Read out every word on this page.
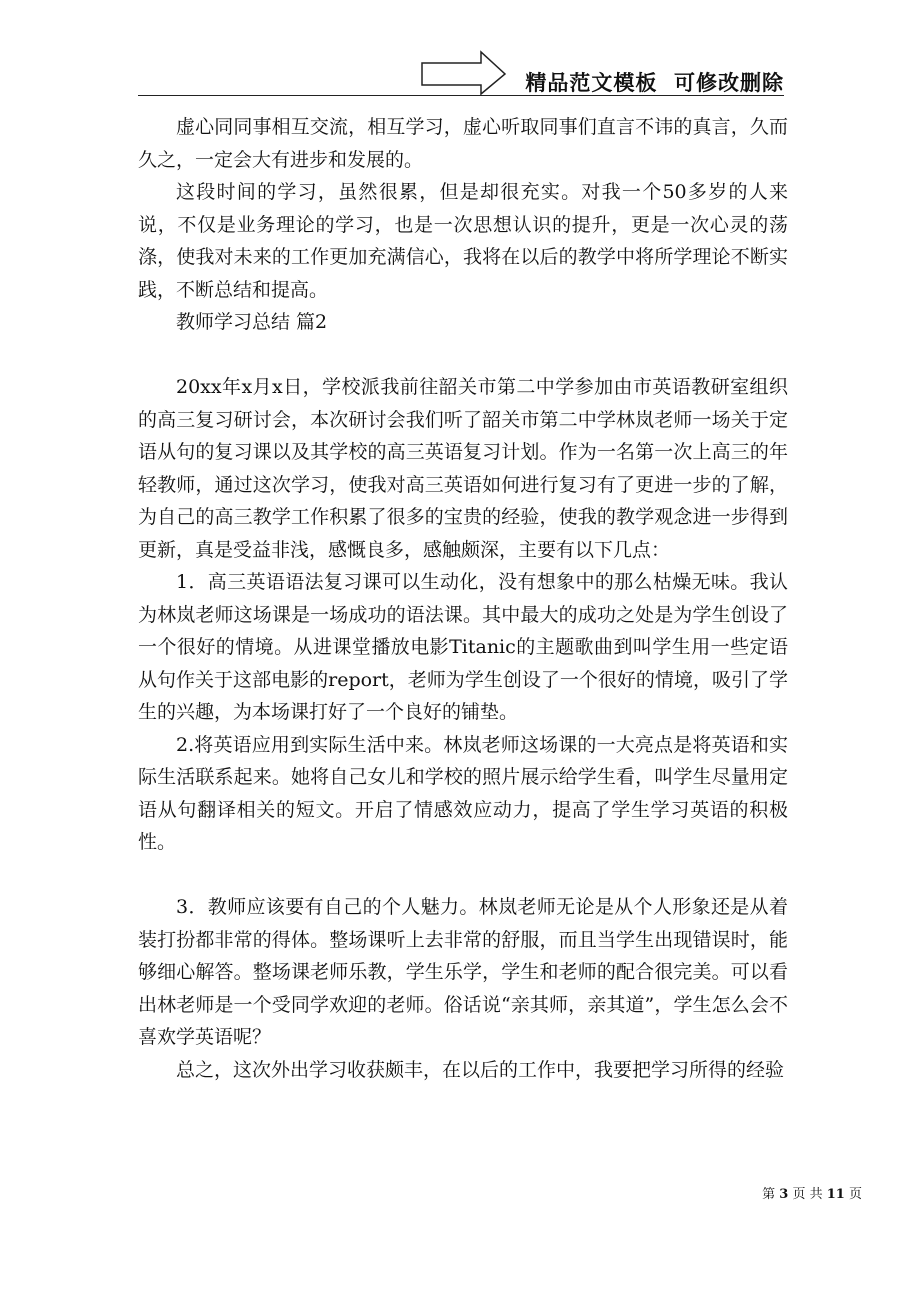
精品范文模板  可修改删除

虚心同同事相互交流，相互学习，虚心听取同事们直言不讳的真言，久而久之，一定会大有进步和发展的。

这段时间的学习，虽然很累，但是却很充实。对我一个50多岁的人来说，不仅是业务理论的学习，也是一次思想认识的提升，更是一次心灵的荡涤，使我对未来的工作更加充满信心，我将在以后的教学中将所学理论不断实践，不断总结和提高。

教师学习总结 篇2

20xx年x月x日，学校派我前往韶关市第二中学参加由市英语教研室组织的高三复习研讨会，本次研讨会我们听了韶关市第二中学林岚老师一场关于定语从句的复习课以及其学校的高三英语复习计划。作为一名第一次上高三的年轻教师，通过这次学习，使我对高三英语如何进行复习有了更进一步的了解，为自己的高三教学工作积累了很多的宝贵的经验，使我的教学观念进一步得到更新，真是受益非浅，感慨良多，感触颇深，主要有以下几点：

1．高三英语语法复习课可以生动化，没有想象中的那么枯燥无味。我认为林岚老师这场课是一场成功的语法课。其中最大的成功之处是为学生创设了一个很好的情境。从进课堂播放电影Titanic的主题歌曲到叫学生用一些定语从句作关于这部电影的report，老师为学生创设了一个很好的情境，吸引了学生的兴趣，为本场课打好了一个良好的铺垫。

2.将英语应用到实际生活中来。林岚老师这场课的一大亮点是将英语和实际生活联系起来。她将自己女儿和学校的照片展示给学生看，叫学生尽量用定语从句翻译相关的短文。开启了情感效应动力，提高了学生学习英语的积极性。

3．教师应该要有自己的个人魅力。林岚老师无论是从个人形象还是从着装打扮都非常的得体。整场课听上去非常的舒服，而且当学生出现错误时，能够细心解答。整场课老师乐教，学生乐学，学生和老师的配合很完美。可以看出林老师是一个受同学欢迎的老师。俗话说“亲其师，亲其道”，学生怎么会不喜欢学英语呢？

总之，这次外出学习收获颇丰，在以后的工作中，我要把学习所得的经验

第 3 页 共 11 页
